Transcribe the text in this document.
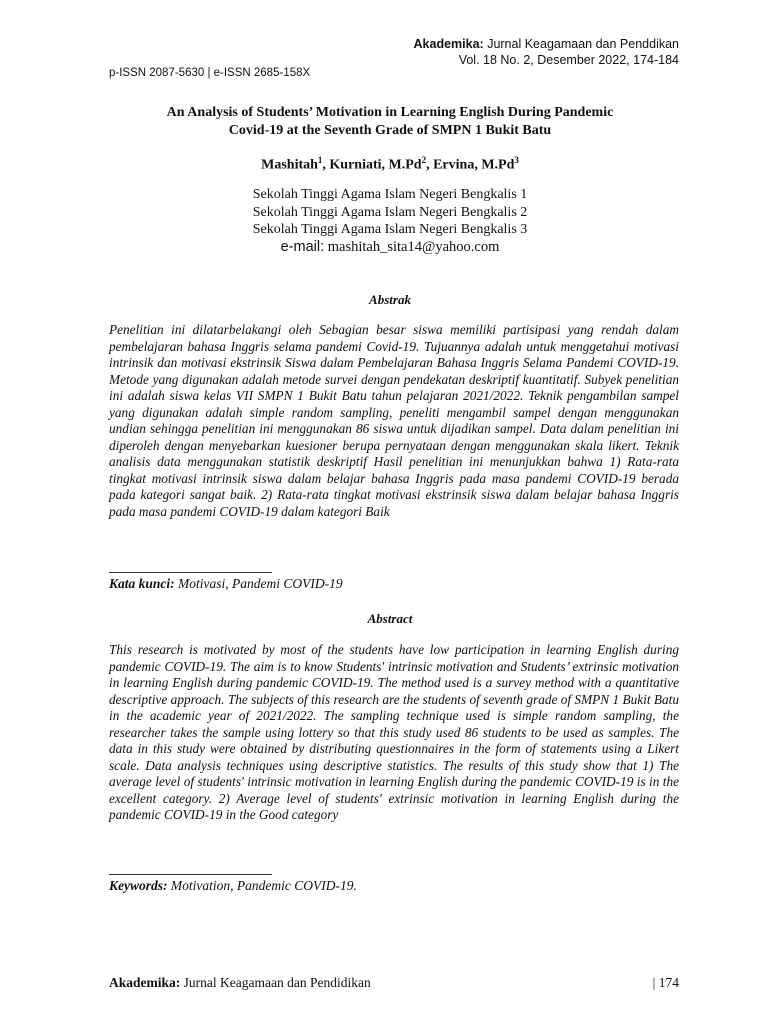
Akademika: Jurnal Keagamaan dan Penddikan
Vol. 18 No. 2, Desember 2022, 174-184
p-ISSN 2087-5630 | e-ISSN 2685-158X
An Analysis of Students’ Motivation in Learning English During Pandemic
Covid-19 at the Seventh Grade of SMPN 1 Bukit Batu
Mashitah$^1$, Kurniati, M.Pd$^2$, Ervina, M.Pd$^3$
Sekolah Tinggi Agama Islam Negeri Bengkalis 1
Sekolah Tinggi Agama Islam Negeri Bengkalis 2
Sekolah Tinggi Agama Islam Negeri Bengkalis 3
e-mail: mashitah_sita14@yahoo.com
Abstrak
Penelitian ini dilatarbelakangi oleh Sebagian besar siswa memiliki partisipasi yang rendah dalam pembelajaran bahasa Inggris selama pandemi Covid-19. Tujuannya adalah untuk menggetahui motivasi intrinsik dan motivasi ekstrinsik Siswa dalam Pembelajaran Bahasa Inggris Selama Pandemi COVID-19. Metode yang digunakan adalah metode survei dengan pendekatan deskriptif kuantitatif. Subyek penelitian ini adalah siswa kelas VII SMPN 1 Bukit Batu tahun pelajaran 2021/2022. Teknik pengambilan sampel yang digunakan adalah simple random sampling, peneliti mengambil sampel dengan menggunakan undian sehingga penelitian ini menggunakan 86 siswa untuk dijadikan sampel. Data dalam penelitian ini diperoleh dengan menyebarkan kuesioner berupa pernyataan dengan menggunakan skala likert. Teknik analisis data menggunakan statistik deskriptif Hasil penelitian ini menunjukkan bahwa 1) Rata-rata tingkat motivasi intrinsik siswa dalam belajar bahasa Inggris pada masa pandemi COVID-19 berada pada kategori sangat baik. 2) Rata-rata tingkat motivasi ekstrinsik siswa dalam belajar bahasa Inggris pada masa pandemi COVID-19 dalam kategori Baik
Kata kunci: Motivasi, Pandemi COVID-19
Abstract
This research is motivated by most of the students have low participation in learning English during pandemic COVID-19. The aim is to know Students' intrinsic motivation and Students’ extrinsic motivation in learning English during pandemic COVID-19. The method used is a survey method with a quantitative descriptive approach. The subjects of this research are the students of seventh grade of SMPN 1 Bukit Batu in the academic year of 2021/2022. The sampling technique used is simple random sampling, the researcher takes the sample using lottery so that this study used 86 students to be used as samples. The data in this study were obtained by distributing questionnaires in the form of statements using a Likert scale. Data analysis techniques using descriptive statistics. The results of this study show that 1) The average level of students' intrinsic motivation in learning English during the pandemic COVID-19 is in the excellent category. 2) Average level of students' extrinsic motivation in learning English during the pandemic COVID-19 in the Good category
Keywords: Motivation, Pandemic COVID-19.
Akademika: Jurnal Keagamaan dan Pendidikan	| 174
